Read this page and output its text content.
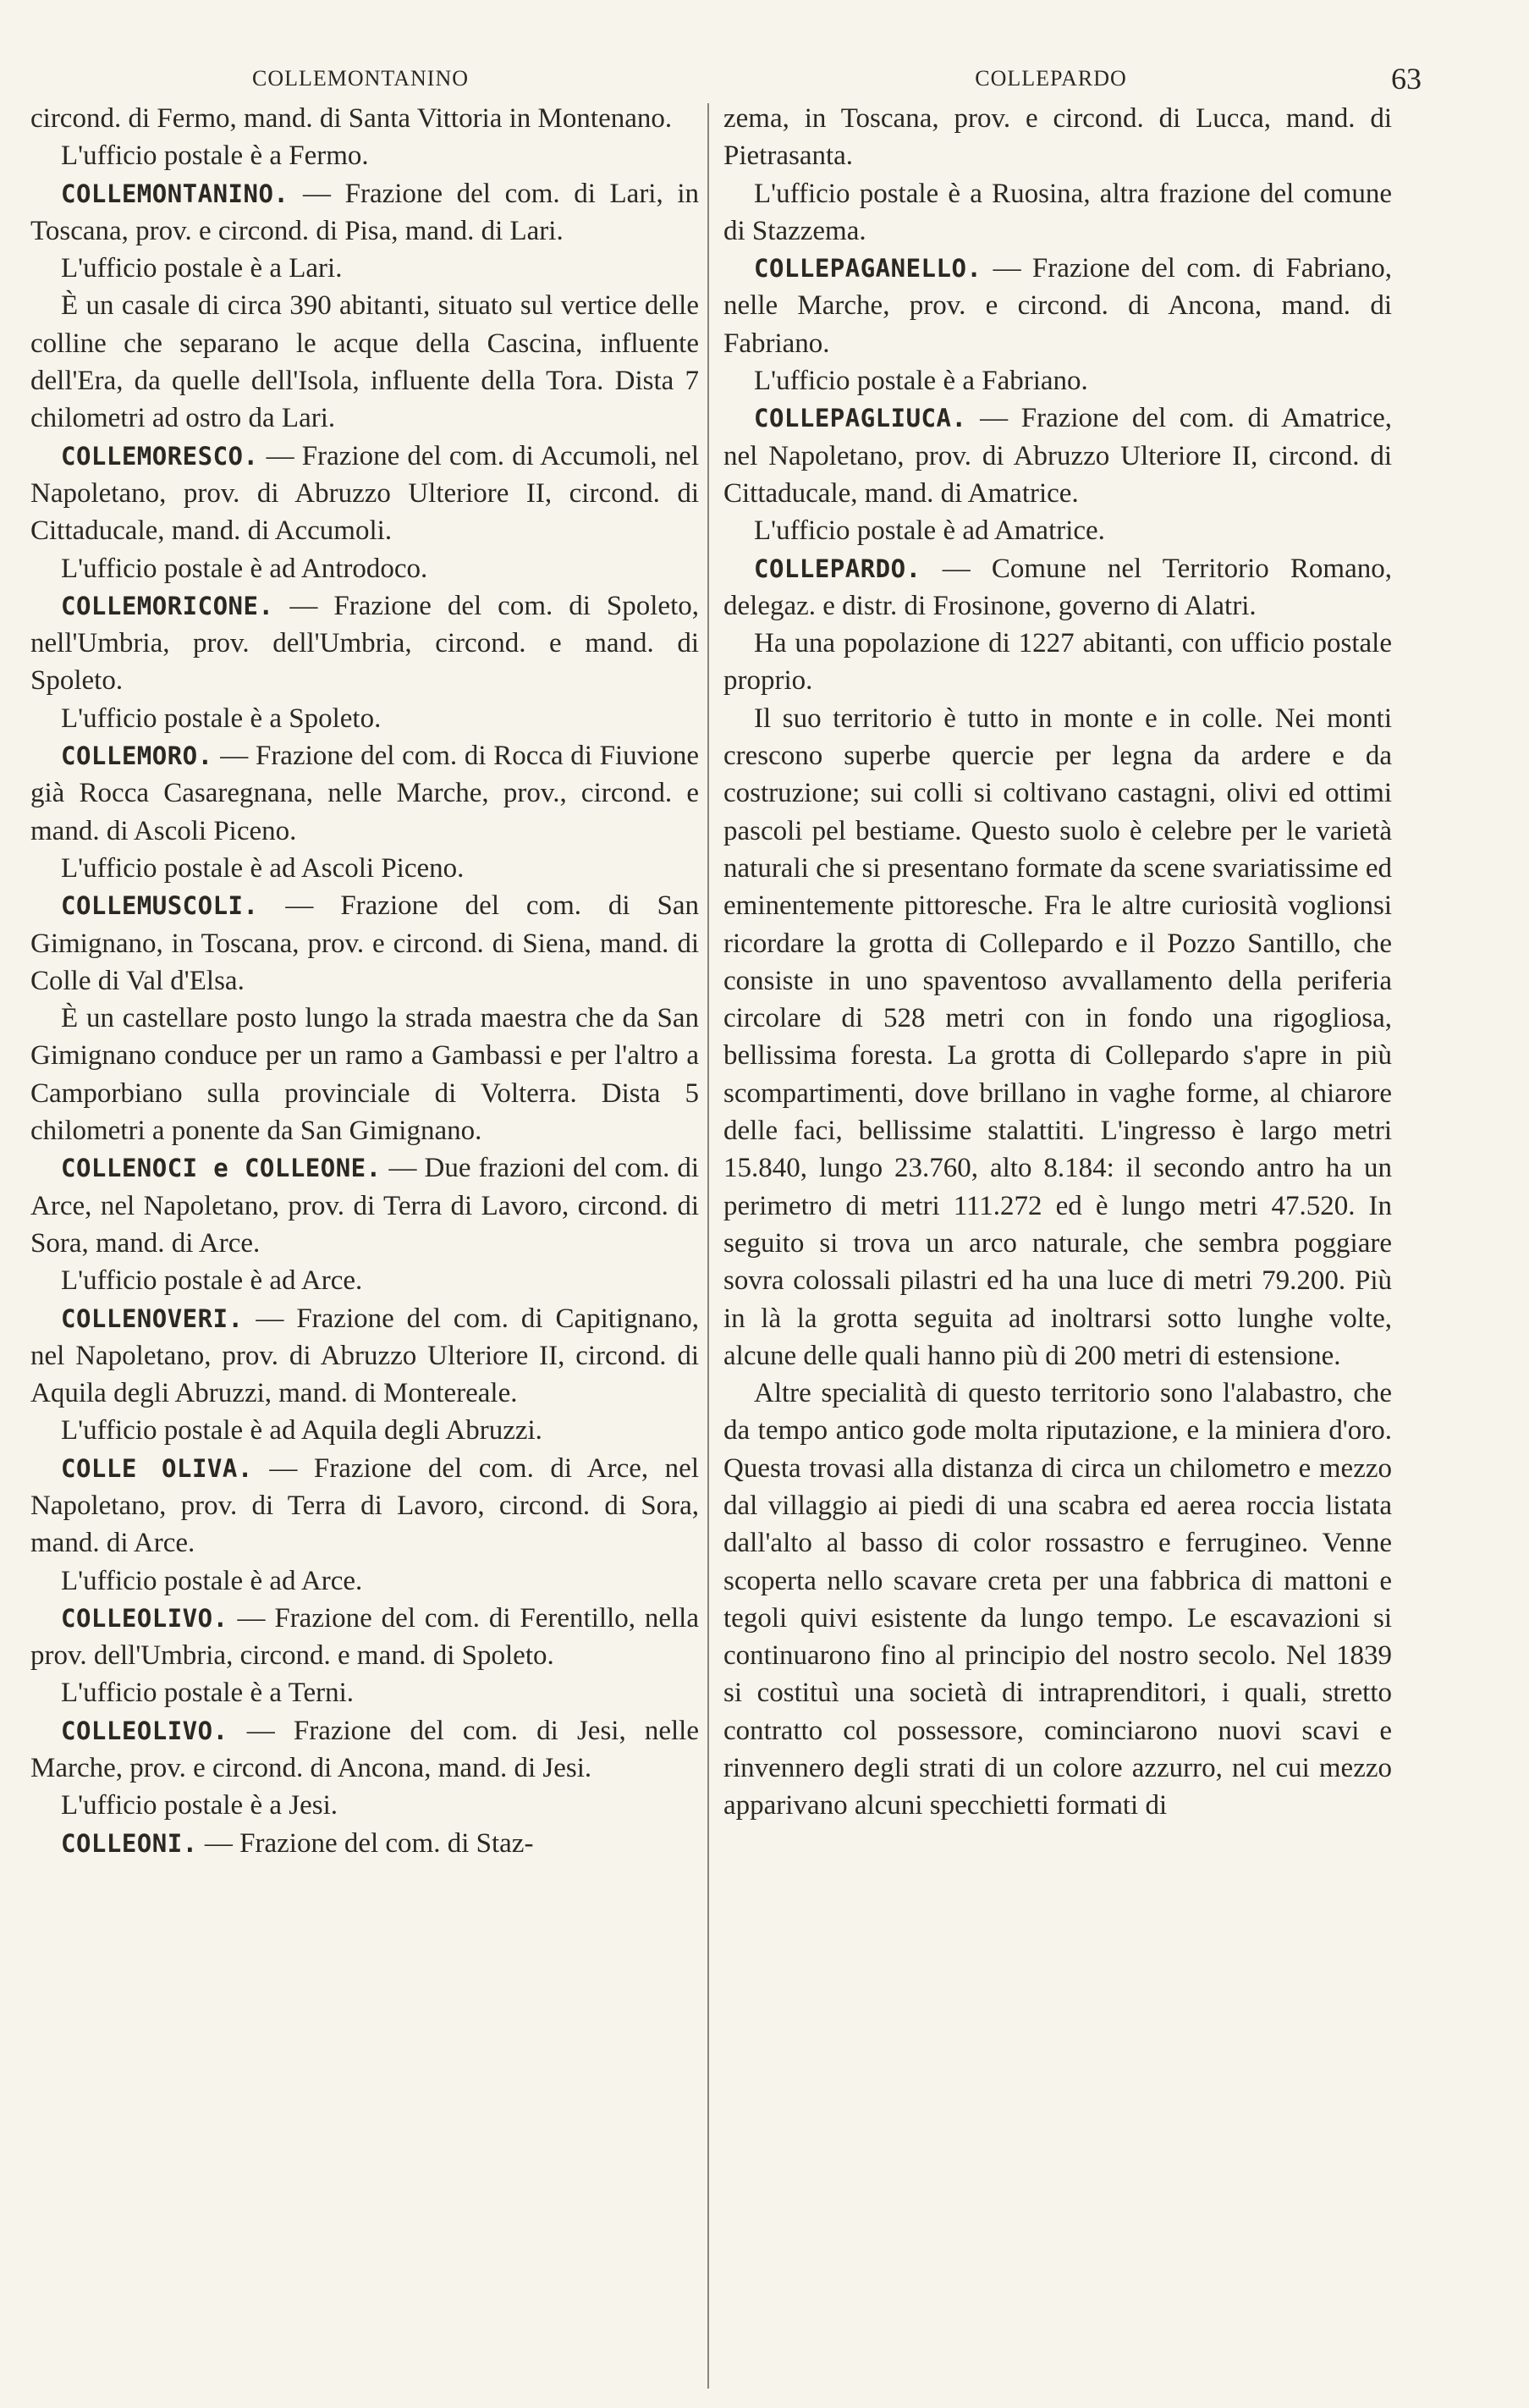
COLLEMONTANINO	COLLEPARDO	63

circond. di Fermo, mand. di Santa Vittoria in Montenano.

L'ufficio postale è a Fermo.

COLLEMONTANINO. — Frazione del com. di Lari, in Toscana, prov. e circond. di Pisa, mand. di Lari.

L'ufficio postale è a Lari.

È un casale di circa 390 abitanti, situato sul vertice delle colline che separano le acque della Cascina, influente dell'Era, da quelle dell'Isola, influente della Tora. Dista 7 chilometri ad ostro da Lari.

COLLEMORESCO. — Frazione del com. di Accumoli, nel Napoletano, prov. di Abruzzo Ulteriore II, circond. di Cittaducale, mand. di Accumoli.

L'ufficio postale è ad Antrodoco.

COLLEMORICONE. — Frazione del com. di Spoleto, nell'Umbria, prov. dell'Umbria, circond. e mand. di Spoleto.

L'ufficio postale è a Spoleto.

COLLEMORO. — Frazione del com. di Rocca di Fiuvione già Rocca Casaregnana, nelle Marche, prov., circond. e mand. di Ascoli Piceno.

L'ufficio postale è ad Ascoli Piceno.

COLLEMUSCOLI. — Frazione del com. di San Gimignano, in Toscana, prov. e circond. di Siena, mand. di Colle di Val d'Elsa.

È un castellare posto lungo la strada maestra che da San Gimignano conduce per un ramo a Gambassi e per l'altro a Camporbiano sulla provinciale di Volterra. Dista 5 chilometri a ponente da San Gimignano.

COLLENOCI e COLLEONE. — Due frazioni del com. di Arce, nel Napoletano, prov. di Terra di Lavoro, circond. di Sora, mand. di Arce.

L'ufficio postale è ad Arce.

COLLENOVERI. — Frazione del com. di Capitignano, nel Napoletano, prov. di Abruzzo Ulteriore II, circond. di Aquila degli Abruzzi, mand. di Montereale.

L'ufficio postale è ad Aquila degli Abruzzi.

COLLE OLIVA. — Frazione del com. di Arce, nel Napoletano, prov. di Terra di Lavoro, circond. di Sora, mand. di Arce.

L'ufficio postale è ad Arce.

COLLEOLIVO. — Frazione del com. di Ferentillo, nella prov. dell'Umbria, circond. e mand. di Spoleto.

L'ufficio postale è a Terni.

COLLEOLIVO. — Frazione del com. di Jesi, nelle Marche, prov. e circond. di Ancona, mand. di Jesi.

L'ufficio postale è a Jesi.

COLLEONI. — Frazione del com. di Staz-

zema, in Toscana, prov. e circond. di Lucca, mand. di Pietrasanta.

L'ufficio postale è a Ruosina, altra frazione del comune di Stazzema.

COLLEPAGANELLO. — Frazione del com. di Fabriano, nelle Marche, prov. e circond. di Ancona, mand. di Fabriano.

L'ufficio postale è a Fabriano.

COLLEPAGLIUCA. — Frazione del com. di Amatrice, nel Napoletano, prov. di Abruzzo Ulteriore II, circond. di Cittaducale, mand. di Amatrice.

L'ufficio postale è ad Amatrice.

COLLEPARDO. — Comune nel Territorio Romano, delegaz. e distr. di Frosinone, governo di Alatri.

Ha una popolazione di 1227 abitanti, con ufficio postale proprio.

Il suo territorio è tutto in monte e in colle. Nei monti crescono superbe quercie per legna da ardere e da costruzione; sui colli si coltivano castagni, olivi ed ottimi pascoli pel bestiame. Questo suolo è celebre per le varietà naturali che si presentano formate da scene svariatissime ed eminentemente pittoresche. Fra le altre curiosità voglionsi ricordare la grotta di Collepardo e il Pozzo Santillo, che consiste in uno spaventoso avvallamento della periferia circolare di 528 metri con in fondo una rigogliosa, bellissima foresta. La grotta di Collepardo s'apre in più scompartimenti, dove brillano in vaghe forme, al chiarore delle faci, bellissime stalattiti. L'ingresso è largo metri 15.840, lungo 23.760, alto 8.184: il secondo antro ha un perimetro di metri 111.272 ed è lungo metri 47.520. In seguito si trova un arco naturale, che sembra poggiare sovra colossali pilastri ed ha una luce di metri 79.200. Più in là la grotta seguita ad inoltrarsi sotto lunghe volte, alcune delle quali hanno più di 200 metri di estensione.

Altre specialità di questo territorio sono l'alabastro, che da tempo antico gode molta riputazione, e la miniera d'oro. Questa trovasi alla distanza di circa un chilometro e mezzo dal villaggio ai piedi di una scabra ed aerea roccia listata dall'alto al basso di color rossastro e ferrugineo. Venne scoperta nello scavare creta per una fabbrica di mattoni e tegoli quivi esistente da lungo tempo. Le escavazioni si continuarono fino al principio del nostro secolo. Nel 1839 si costituì una società di intraprenditori, i quali, stretto contratto col possessore, cominciarono nuovi scavi e rinvennero degli strati di un colore azzurro, nel cui mezzo apparivano alcuni specchietti formati di
